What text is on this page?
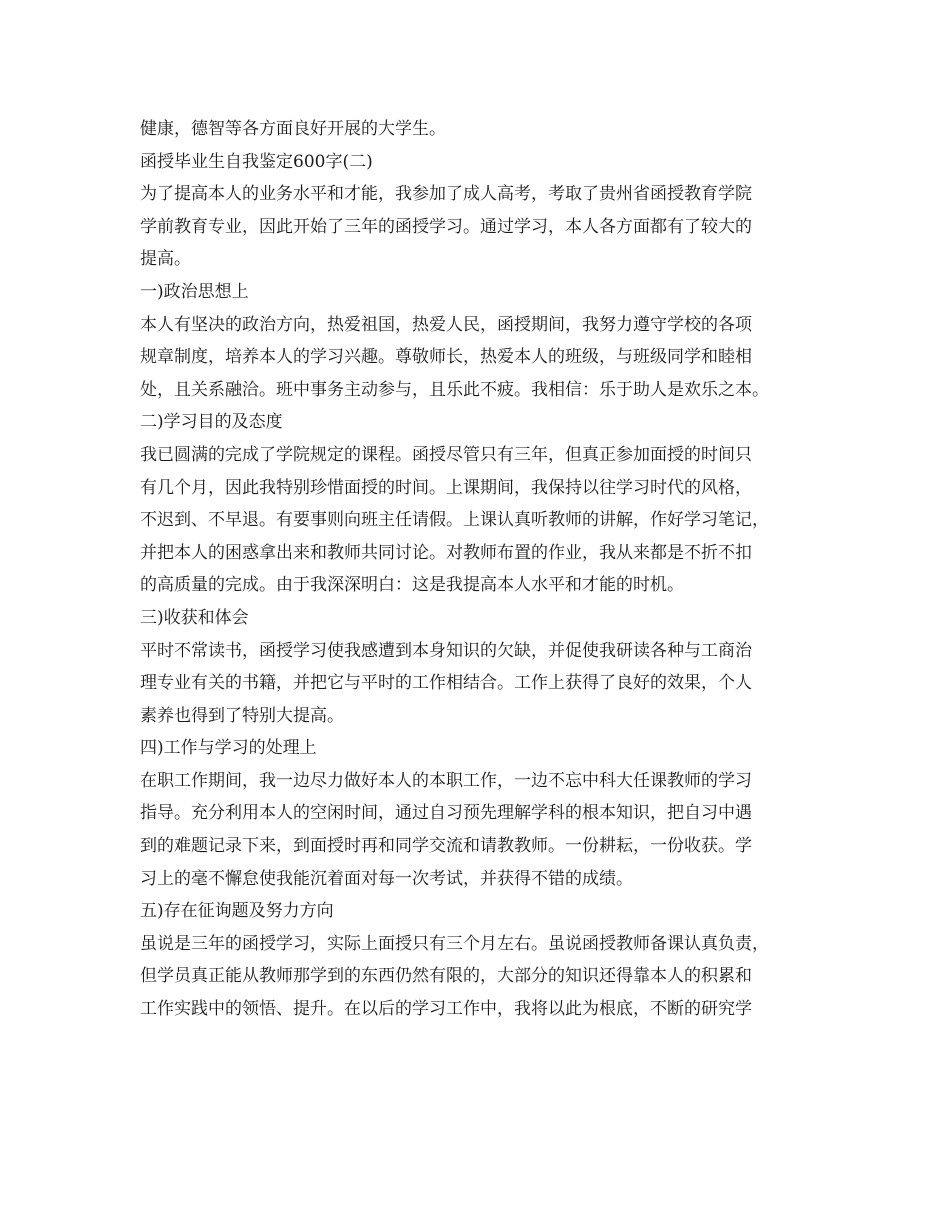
健康，德智等各方面良好开展的大学生。
函授毕业生自我鉴定600字(二)
为了提高本人的业务水平和才能，我参加了成人高考，考取了贵州省函授教育学院
学前教育专业，因此开始了三年的函授学习。通过学习，本人各方面都有了较大的
提高。
一)政治思想上
本人有坚决的政治方向，热爱祖国，热爱人民，函授期间，我努力遵守学校的各项
规章制度，培养本人的学习兴趣。尊敬师长，热爱本人的班级，与班级同学和睦相
处，且关系融洽。班中事务主动参与，且乐此不疲。我相信：乐于助人是欢乐之本。
二)学习目的及态度
我已圆满的完成了学院规定的课程。函授尽管只有三年，但真正参加面授的时间只
有几个月，因此我特别珍惜面授的时间。上课期间，我保持以往学习时代的风格，
不迟到、不早退。有要事则向班主任请假。上课认真听教师的讲解，作好学习笔记，
并把本人的困惑拿出来和教师共同讨论。对教师布置的作业，我从来都是不折不扣
的高质量的完成。由于我深深明白：这是我提高本人水平和才能的时机。
三)收获和体会
平时不常读书，函授学习使我感遭到本身知识的欠缺，并促使我研读各种与工商治
理专业有关的书籍，并把它与平时的工作相结合。工作上获得了良好的效果，个人
素养也得到了特别大提高。
四)工作与学习的处理上
在职工作期间，我一边尽力做好本人的本职工作，一边不忘中科大任课教师的学习
指导。充分利用本人的空闲时间，通过自习预先理解学科的根本知识，把自习中遇
到的难题记录下来，到面授时再和同学交流和请教教师。一份耕耘，一份收获。学
习上的毫不懈怠使我能沉着面对每一次考试，并获得不错的成绩。
五)存在征询题及努力方向
虽说是三年的函授学习，实际上面授只有三个月左右。虽说函授教师备课认真负责，
但学员真正能从教师那学到的东西仍然有限的，大部分的知识还得靠本人的积累和
工作实践中的领悟、提升。在以后的学习工作中，我将以此为根底，不断的研究学
